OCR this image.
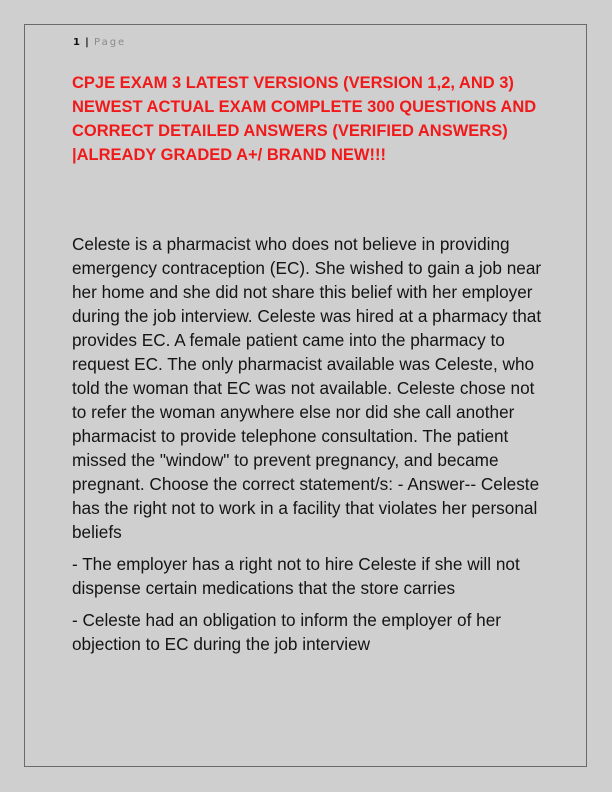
1 | Page
CPJE EXAM 3 LATEST VERSIONS (VERSION 1,2, AND 3) NEWEST ACTUAL EXAM COMPLETE 300 QUESTIONS AND CORRECT DETAILED ANSWERS (VERIFIED ANSWERS) |ALREADY GRADED A+/ BRAND NEW!!!

Celeste is a pharmacist who does not believe in providing emergency contraception (EC). She wished to gain a job near her home and she did not share this belief with her employer during the job interview. Celeste was hired at a pharmacy that provides EC. A female patient came into the pharmacy to request EC. The only pharmacist available was Celeste, who told the woman that EC was not available. Celeste chose not to refer the woman anywhere else nor did she call another pharmacist to provide telephone consultation. The patient missed the "window" to prevent pregnancy, and became pregnant. Choose the correct statement/s: - Answer-- Celeste has the right not to work in a facility that violates her personal beliefs

- The employer has a right not to hire Celeste if she will not dispense certain medications that the store carries

- Celeste had an obligation to inform the employer of her objection to EC during the job interview
